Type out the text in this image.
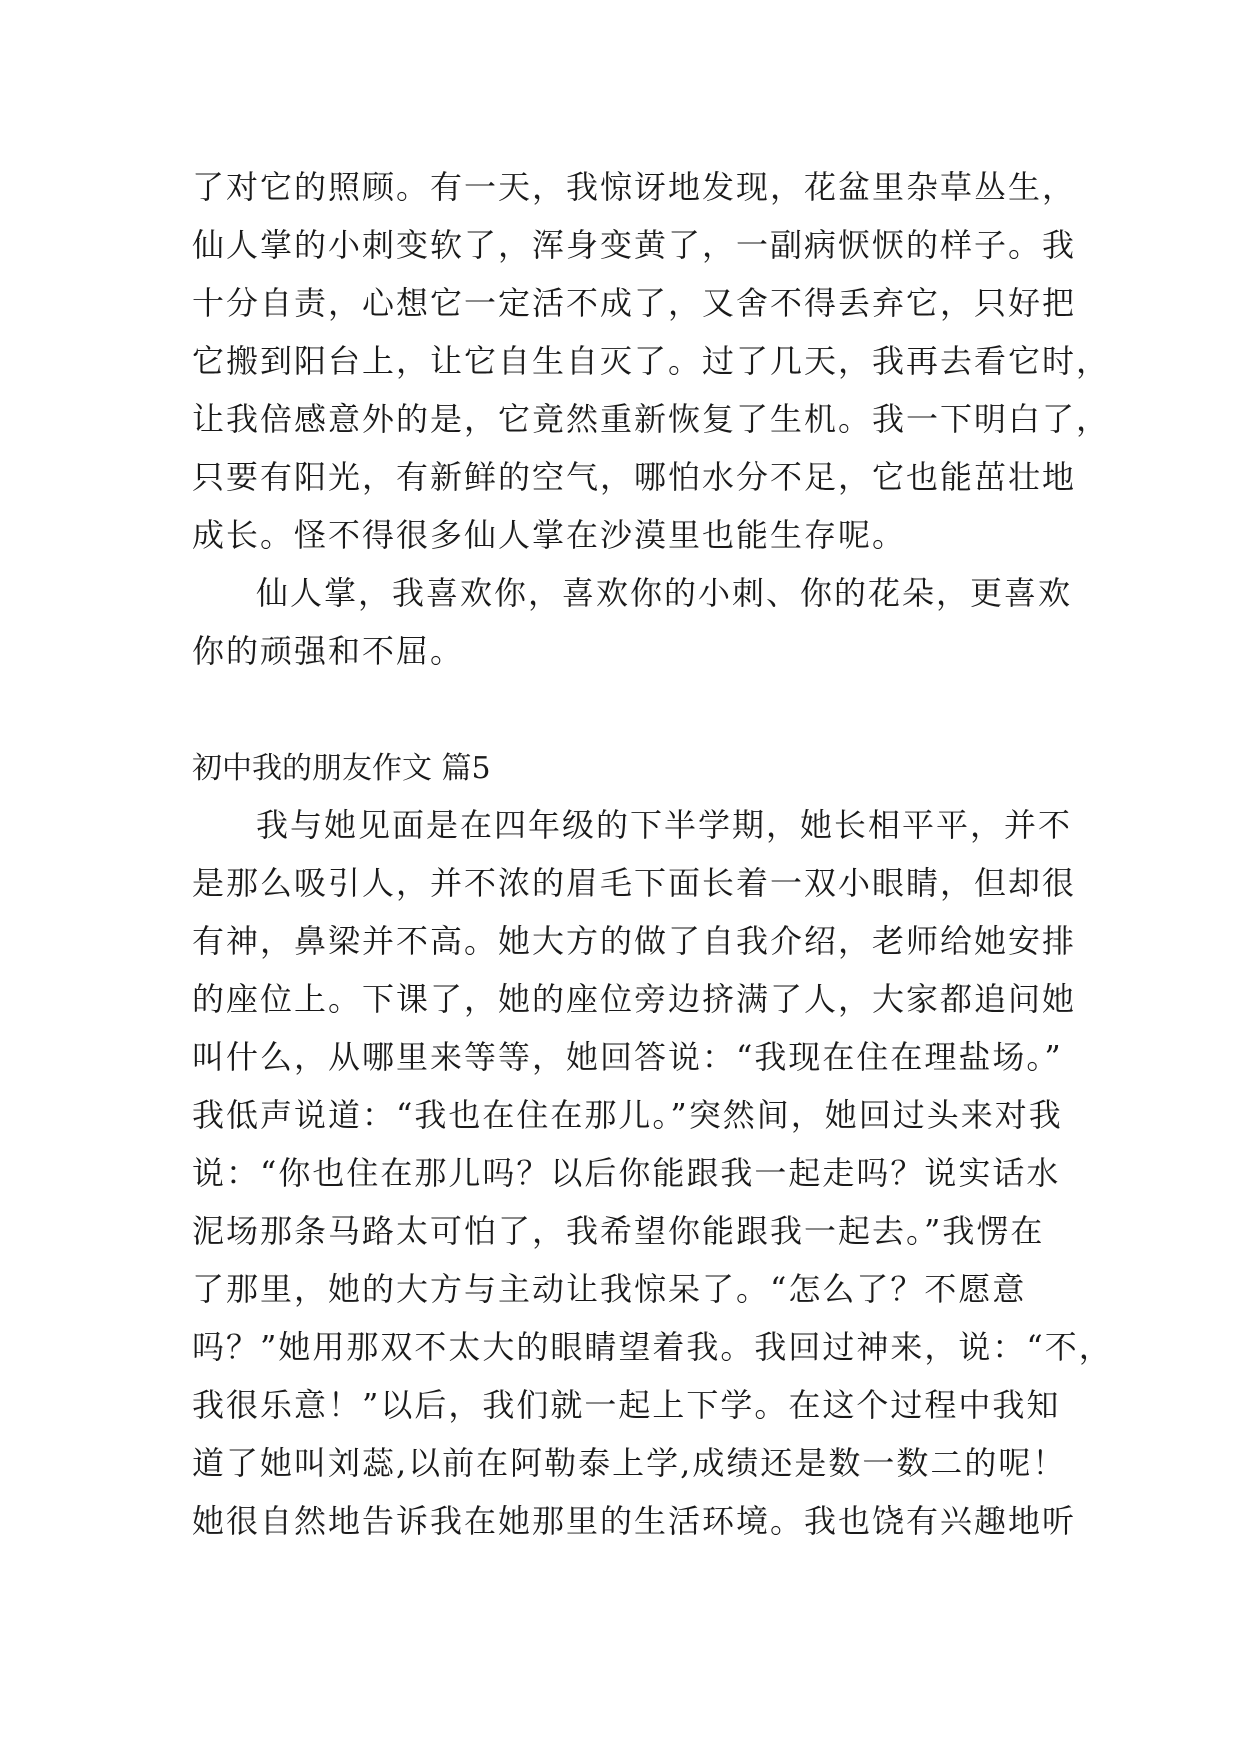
了对它的照顾。有一天，我惊讶地发现，花盆里杂草丛生，
仙人掌的小刺变软了，浑身变黄了，一副病恹恹的样子。我
十分自责，心想它一定活不成了，又舍不得丢弃它，只好把
它搬到阳台上，让它自生自灭了。过了几天，我再去看它时，
让我倍感意外的是，它竟然重新恢复了生机。我一下明白了，
只要有阳光，有新鲜的空气，哪怕水分不足，它也能茁壮地
成长。怪不得很多仙人掌在沙漠里也能生存呢。
仙人掌，我喜欢你，喜欢你的小刺、你的花朵，更喜欢
你的顽强和不屈。
初中我的朋友作文 篇5
我与她见面是在四年级的下半学期，她长相平平，并不
是那么吸引人，并不浓的眉毛下面长着一双小眼睛，但却很
有神，鼻梁并不高。她大方的做了自我介绍，老师给她安排
的座位上。下课了，她的座位旁边挤满了人，大家都追问她
叫什么，从哪里来等等，她回答说：“我现在住在理盐场。”
我低声说道：“我也在住在那儿。”突然间，她回过头来对我
说：“你也住在那儿吗？以后你能跟我一起走吗？说实话水
泥场那条马路太可怕了，我希望你能跟我一起去。”我愣在
了那里，她的大方与主动让我惊呆了。“怎么了？不愿意
吗？”她用那双不太大的眼睛望着我。我回过神来，说：“不，
我很乐意！”以后，我们就一起上下学。在这个过程中我知
道了她叫刘蕊,以前在阿勒泰上学,成绩还是数一数二的呢！
她很自然地告诉我在她那里的生活环境。我也饶有兴趣地听
